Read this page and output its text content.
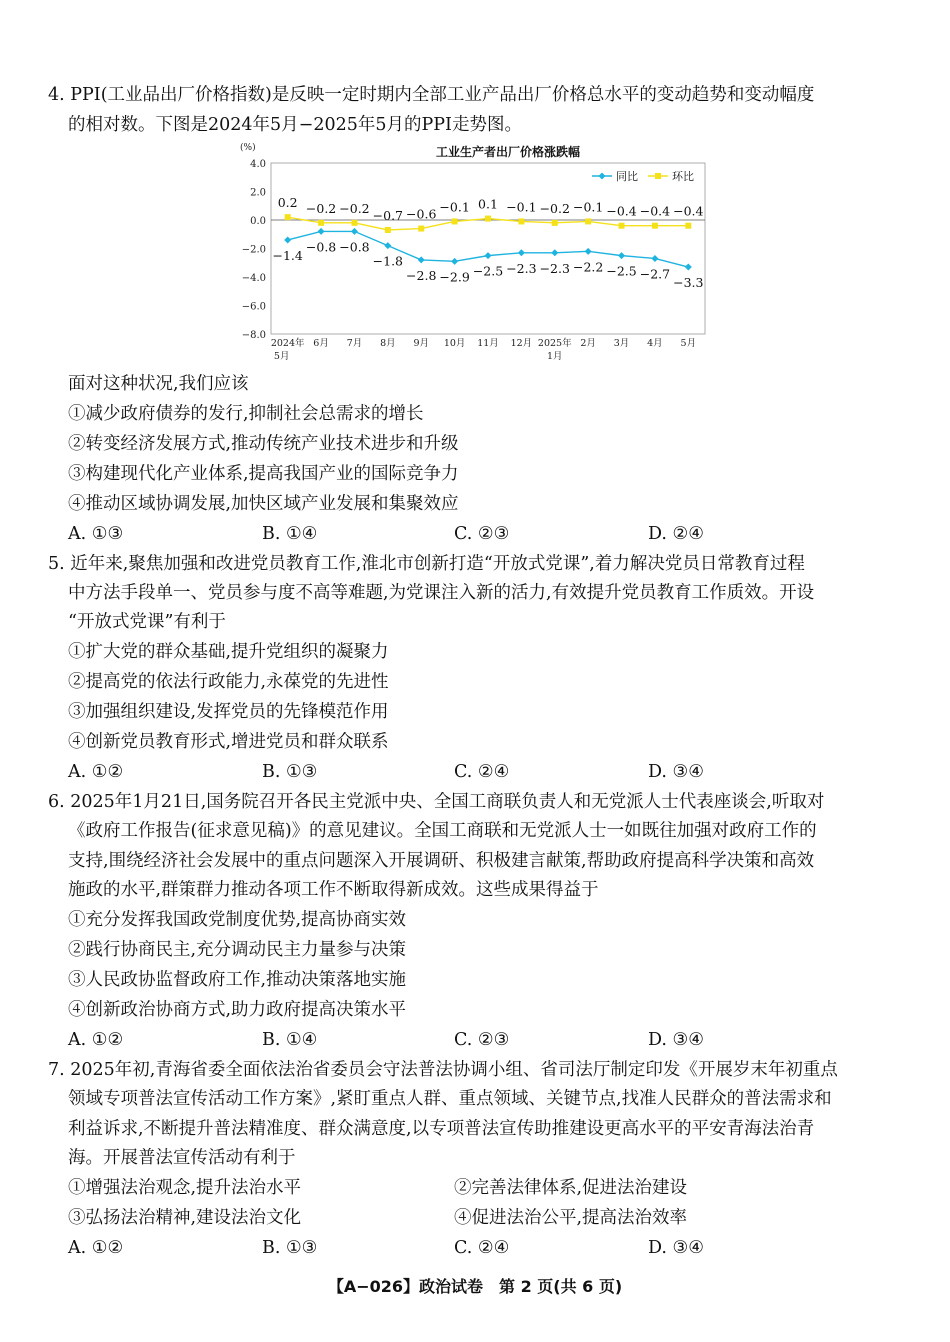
4. PPI(工业品出厂价格指数)是反映一定时期内全部工业产品出厂价格总水平的变动趋势和变动幅度
的相对数。下图是2024年5月−2025年5月的PPI走势图。
工业生产者出厂价格涨跌幅
(%)
4.0
2.0
0.0
−2.0
−4.0
−6.0
−8.0
2024年
5月
6月 7月 8月 9月 10月 11月 12月 2025年
1月
2月 3月 4月 5月
−1.4
−0.8 −0.8
−1.8
−2.8 −2.9 −2.5 −2.3 −2.3 −2.2 −2.5 −2.7
−3.3
0.2 −0.2 −0.2 −0.7 −0.6 −0.1 0.1 −0.1 −0.2 −0.1 −0.4 −0.4 −0.4
同比	环比
面对这种状况,我们应该
①减少政府债券的发行,抑制社会总需求的增长
②转变经济发展方式,推动传统产业技术进步和升级
③构建现代化产业体系,提高我国产业的国际竞争力
④推动区域协调发展,加快区域产业发展和集聚效应
A. ①③	B. ①④	C. ②③	D. ②④
5. 近年来,聚焦加强和改进党员教育工作,淮北市创新打造“开放式党课”,着力解决党员日常教育过程
中方法手段单一、党员参与度不高等难题,为党课注入新的活力,有效提升党员教育工作质效。开设
“开放式党课”有利于
①扩大党的群众基础,提升党组织的凝聚力
②提高党的依法行政能力,永葆党的先进性
③加强组织建设,发挥党员的先锋模范作用
④创新党员教育形式,增进党员和群众联系
A. ①②	B. ①③	C. ②④	D. ③④
6. 2025年1月21日,国务院召开各民主党派中央、全国工商联负责人和无党派人士代表座谈会,听取对
《政府工作报告(征求意见稿)》的意见建议。全国工商联和无党派人士一如既往加强对政府工作的
支持,围绕经济社会发展中的重点问题深入开展调研、积极建言献策,帮助政府提高科学决策和高效
施政的水平,群策群力推动各项工作不断取得新成效。这些成果得益于
①充分发挥我国政党制度优势,提高协商实效
②践行协商民主,充分调动民主力量参与决策
③人民政协监督政府工作,推动决策落地实施
④创新政治协商方式,助力政府提高决策水平
A. ①②	B. ①④	C. ②③	D. ③④
7. 2025年初,青海省委全面依法治省委员会守法普法协调小组、省司法厅制定印发《开展岁末年初重点
领域专项普法宣传活动工作方案》,紧盯重点人群、重点领域、关键节点,找准人民群众的普法需求和
利益诉求,不断提升普法精准度、群众满意度,以专项普法宣传助推建设更高水平的平安青海法治青
海。开展普法宣传活动有利于
①增强法治观念,提升法治水平	②完善法律体系,促进法治建设
③弘扬法治精神,建设法治文化	④促进法治公平,提高法治效率
A. ①②	B. ①③	C. ②④	D. ③④
【A−026】政治试卷　第 2 页(共 6 页)
